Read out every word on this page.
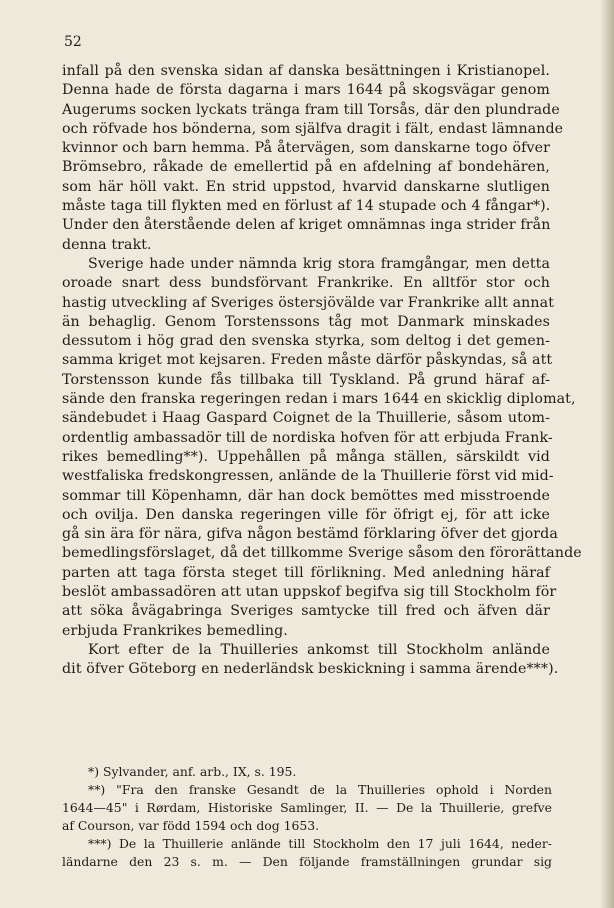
52
infall på den svenska sidan af danska besättningen i Kristianopel.
Denna hade de första dagarna i mars 1644 på skogsvägar genom
Augerums socken lyckats tränga fram till Torsås, där den plundrade
och röfvade hos bönderna, som själfva dragit i fält, endast lämnande
kvinnor och barn hemma. På återvägen, som danskarne togo öfver
Brömsebro, råkade de emellertid på en afdelning af bondehären,
som här höll vakt. En strid uppstod, hvarvid danskarne slutligen
måste taga till flykten med en förlust af 14 stupade och 4 fångar*).
Under den återstående delen af kriget omnämnas inga strider från
denna trakt.
Sverige hade under nämnda krig stora framgångar, men detta
oroade snart dess bundsförvant Frankrike. En alltför stor och
hastig utveckling af Sveriges östersjövälde var Frankrike allt annat
än behaglig. Genom Torstenssons tåg mot Danmark minskades
dessutom i hög grad den svenska styrka, som deltog i det gemen-
samma kriget mot kejsaren. Freden måste därför påskyndas, så att
Torstensson kunde fås tillbaka till Tyskland. På grund häraf af-
sände den franska regeringen redan i mars 1644 en skicklig diplomat,
sändebudet i Haag Gaspard Coignet de la Thuillerie, såsom utom-
ordentlig ambassadör till de nordiska hofven för att erbjuda Frank-
rikes bemedling**). Uppehållen på många ställen, särskildt vid
westfaliska fredskongressen, anlände de la Thuillerie först vid mid-
sommar till Köpenhamn, där han dock bemöttes med misstroende
och ovilja. Den danska regeringen ville för öfrigt ej, för att icke
gå sin ära för nära, gifva någon bestämd förklaring öfver det gjorda
bemedlingsförslaget, då det tillkomme Sverige såsom den förorättande
parten att taga första steget till förlikning. Med anledning häraf
beslöt ambassadören att utan uppskof begifva sig till Stockholm för
att söka åvägabringa Sveriges samtycke till fred och äfven där
erbjuda Frankrikes bemedling.
Kort efter de la Thuilleries ankomst till Stockholm anlände
dit öfver Göteborg en nederländsk beskickning i samma ärende***).
*) Sylvander, anf. arb., IX, s. 195.
**) "Fra den franske Gesandt de la Thuilleries ophold i Norden
1644—45" i Rørdam, Historiske Samlinger, II. — De la Thuillerie, grefve
af Courson, var född 1594 och dog 1653.
***) De la Thuillerie anlände till Stockholm den 17 juli 1644, neder-
ländarne den 23 s. m. — Den följande framställningen grundar sig
